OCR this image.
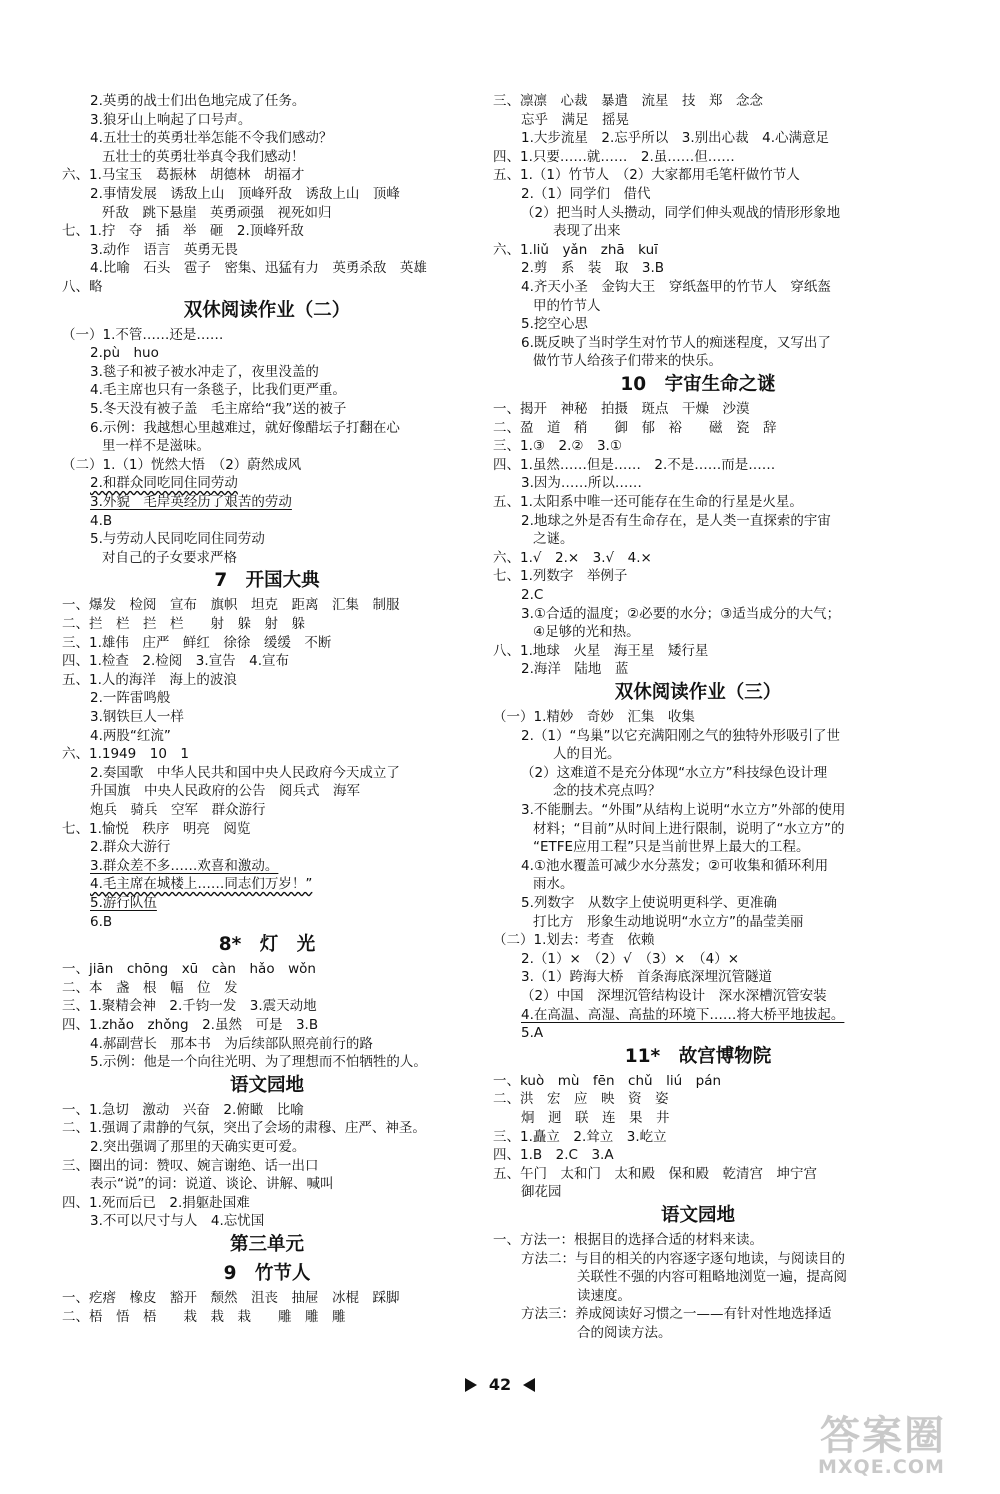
2.英勇的战士们出色地完成了任务。
3.狼牙山上响起了口号声。
4.五壮士的英勇壮举怎能不令我们感动？
五壮士的英勇壮举真令我们感动！
六、1.马宝玉　葛振林　胡德林　胡福才
2.事情发展　诱敌上山　顶峰歼敌　诱敌上山　顶峰
歼敌　跳下悬崖　英勇顽强　视死如归
七、1.拧　夺　插　举　砸　2.顶峰歼敌
3.动作　语言　英勇无畏
4.比喻　石头　雹子　密集、迅猛有力　英勇杀敌　英雄
八、略
双休阅读作业（二）
（一）1.不管……还是……
2.pù　huo
3.毯子和被子被水冲走了，夜里没盖的
4.毛主席也只有一条毯子，比我们更严重。
5.冬天没有被子盖　毛主席给“我”送的被子
6.示例：我越想心里越难过，就好像醋坛子打翻在心
里一样不是滋味。
（二）1.（1）恍然大悟　（2）蔚然成风
2.和群众同吃同住同劳动
3.外貌　毛岸英经历了艰苦的劳动
4.B
5.与劳动人民同吃同住同劳动
对自己的子女要求严格
7　开国大典
一、爆发　检阅　宣布　旗帜　坦克　距离　汇集　制服
二、拦　栏　拦　栏　　射　躲　射　躲
三、1.雄伟　庄严　鲜红　徐徐　缓缓　不断
四、1.检查　2.检阅　3.宣告　4.宣布
五、1.人的海洋　海上的波浪
2.一阵雷鸣般
3.钢铁巨人一样
4.两股“红流”
六、1.1949　10　1
2.奏国歌　中华人民共和国中央人民政府今天成立了
升国旗　中央人民政府的公告　阅兵式　海军
炮兵　骑兵　空军　群众游行
七、1.愉悦　秩序　明亮　阅览
2.群众大游行
3.群众差不多……欢喜和激动。
4.毛主席在城楼上……同志们万岁！”
5.游行队伍
6.B
8*　灯　光
一、jiān　chōng　xū　càn　hǎo　wǒn
二、本　盏　根　幅　位　发
三、1.聚精会神　2.千钧一发　3.震天动地
四、1.zhǎo　zhǒng　2.虽然　可是　3.B
4.郝副营长　那本书　为后续部队照亮前行的路
5.示例：他是一个向往光明、为了理想而不怕牺牲的人。
语文园地
一、1.急切　激动　兴奋　2.俯瞰　比喻
二、1.强调了肃静的气氛，突出了会场的肃穆、庄严、神圣。
2.突出强调了那里的天确实更可爱。
三、圈出的词：赞叹、婉言谢绝、话一出口
表示“说”的词：说道、谈论、讲解、喊叫
四、1.死而后已　2.捐躯赴国难
3.不可以尺寸与人　4.忘忧国
第三单元
9　竹节人
一、疙瘩　橡皮　豁开　颓然　沮丧　抽屉　冰棍　踩脚
二、梧　悟　梧　　栽　栽　栽　　雕　雕　雕
三、凛凛　心裁　暴遣　流星　技　郑　念念
忘乎　满足　摇晃
1.大步流星　2.忘乎所以　3.别出心裁　4.心满意足
四、1.只要……就……　2.虽……但……
五、1.（1）竹节人　（2）大家都用毛笔杆做竹节人
2.（1）同学们　借代
（2）把当时人头攒动，同学们伸头观战的情形形象地
表现了出来
六、1.liǔ　yǎn　zhā　kuī
2.剪　系　装　取　3.B
4.齐天小圣　金钩大王　穿纸盔甲的竹节人　穿纸盔
甲的竹节人
5.挖空心思
6.既反映了当时学生对竹节人的痴迷程度，又写出了
做竹节人给孩子们带来的快乐。
10　宇宙生命之谜
一、揭开　神秘　拍摄　斑点　干燥　沙漠
二、盈　道　稍　　御　郁　裕　　磁　瓷　辞
三、1.③　2.②　3.①
四、1.虽然……但是……　2.不是……而是……
3.因为……所以……
五、1.太阳系中唯一还可能存在生命的行星是火星。
2.地球之外是否有生命存在，是人类一直探索的宇宙
之谜。
六、1.√　2.×　3.√　4.×
七、1.列数字　举例子
2.C
3.①合适的温度；②必要的水分；③适当成分的大气；
④足够的光和热。
八、1.地球　火星　海王星　矮行星
2.海洋　陆地　蓝
双休阅读作业（三）
（一）1.精妙　奇妙　汇集　收集
2.（1）“鸟巢”以它充满阳刚之气的独特外形吸引了世
人的目光。
（2）这难道不是充分体现“水立方”科技绿色设计理
念的技术亮点吗？
3.不能删去。“外围”从结构上说明“水立方”外部的使用
材料；“目前”从时间上进行限制，说明了“水立方”的
“ETFE应用工程”只是当前世界上最大的工程。
4.①池水覆盖可减少水分蒸发；②可收集和循环利用
雨水。
5.列数字　从数字上使说明更科学、更准确
打比方　形象生动地说明“水立方”的晶莹美丽
（二）1.划去：考查　依赖
2.（1）×　（2）√　（3）×　（4）×
3.（1）跨海大桥　首条海底深埋沉管隧道
（2）中国　深埋沉管结构设计　深水深槽沉管安装
4.在高温、高湿、高盐的环境下……将大桥平地拔起。
5.A
11*　故宫博物院
一、kuò　mù　fēn　chǔ　liú　pán
二、洪　宏　应　映　资　姿
炯　迥　联　连　果　井
三、1.矗立　2.耸立　3.屹立
四、1.B　2.C　3.A
五、午门　太和门　太和殿　保和殿　乾清宫　坤宁宫
御花园
语文园地
一、方法一：根据目的选择合适的材料来读。
方法二：与目的相关的内容逐字逐句地读，与阅读目的
关联性不强的内容可粗略地浏览一遍，提高阅
读速度。
方法三：养成阅读好习惯之一——有针对性地选择适
合的阅读方法。
42
答案圈
MXQE.COM
